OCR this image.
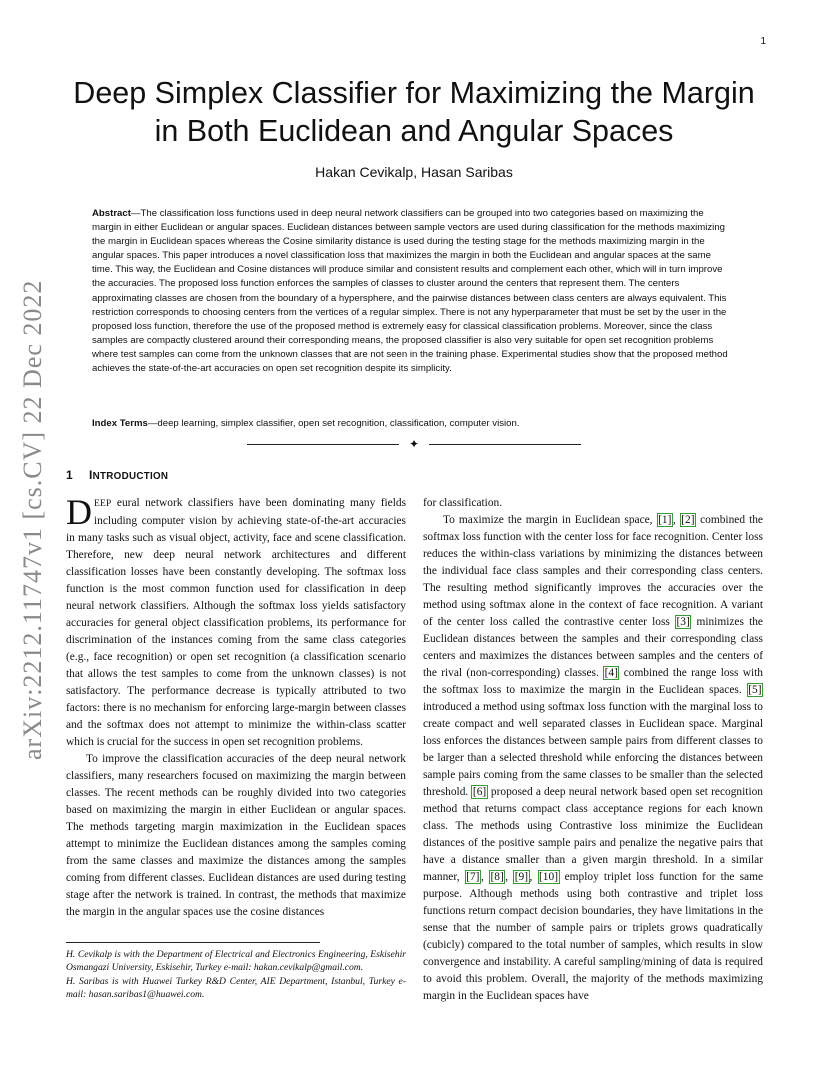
1
arXiv:2212.11747v1 [cs.CV] 22 Dec 2022
Deep Simplex Classifier for Maximizing the Margin in Both Euclidean and Angular Spaces
Hakan Cevikalp, Hasan Saribas
Abstract—The classification loss functions used in deep neural network classifiers can be grouped into two categories based on maximizing the margin in either Euclidean or angular spaces. Euclidean distances between sample vectors are used during classification for the methods maximizing the margin in Euclidean spaces whereas the Cosine similarity distance is used during the testing stage for the methods maximizing margin in the angular spaces. This paper introduces a novel classification loss that maximizes the margin in both the Euclidean and angular spaces at the same time. This way, the Euclidean and Cosine distances will produce similar and consistent results and complement each other, which will in turn improve the accuracies. The proposed loss function enforces the samples of classes to cluster around the centers that represent them. The centers approximating classes are chosen from the boundary of a hypersphere, and the pairwise distances between class centers are always equivalent. This restriction corresponds to choosing centers from the vertices of a regular simplex. There is not any hyperparameter that must be set by the user in the proposed loss function, therefore the use of the proposed method is extremely easy for classical classification problems. Moreover, since the class samples are compactly clustered around their corresponding means, the proposed classifier is also very suitable for open set recognition problems where test samples can come from the unknown classes that are not seen in the training phase. Experimental studies show that the proposed method achieves the state-of-the-art accuracies on open set recognition despite its simplicity.
Index Terms—deep learning, simplex classifier, open set recognition, classification, computer vision.
✦
1 INTRODUCTION

DEEP eural network classifiers have been dominating many fields including computer vision by achieving state-of-the-art accuracies in many tasks such as visual object, activity, face and scene classification. Therefore, new deep neural network architectures and different classification losses have been constantly developing. The softmax loss function is the most common function used for classification in deep neural network classifiers. Although the softmax loss yields satisfactory accuracies for general object classification problems, its performance for discrimination of the instances coming from the same class categories (e.g., face recognition) or open set recognition (a classification scenario that allows the test samples to come from the unknown classes) is not satisfactory. The performance decrease is typically attributed to two factors: there is no mechanism for enforcing large-margin between classes and the softmax does not attempt to minimize the within-class scatter which is crucial for the success in open set recognition problems.

To improve the classification accuracies of the deep neural network classifiers, many researchers focused on maximizing the margin between classes. The recent methods can be roughly divided into two categories based on maximizing the margin in either Euclidean or angular spaces. The methods targeting margin maximization in the Euclidean spaces attempt to minimize the Euclidean distances among the samples coming from the same classes and maximize the distances among the samples coming from different classes. Euclidean distances are used during testing stage after the network is trained. In contrast, the methods that maximize the margin in the angular spaces use the cosine distances

for classification.

To maximize the margin in Euclidean space, [1] , [2] combined the softmax loss function with the center loss for face recognition. Center loss reduces the within-class variations by minimizing the distances between the individual face class samples and their corresponding class centers. The resulting method significantly improves the accuracies over the method using softmax alone in the context of face recognition. A variant of the center loss called the contrastive center loss [3] minimizes the Euclidean distances between the samples and their corresponding class centers and maximizes the distances between samples and the centers of the rival (non-corresponding) classes. [4] combined the range loss with the softmax loss to maximize the margin in the Euclidean spaces. [5] introduced a method using softmax loss function with the marginal loss to create compact and well separated classes in Euclidean space. Marginal loss enforces the distances between sample pairs from different classes to be larger than a selected threshold while enforcing the distances between sample pairs coming from the same classes to be smaller than the selected threshold. [6] proposed a deep neural network based open set recognition method that returns compact class acceptance regions for each known class. The methods using Contrastive loss minimize the Euclidean distances of the positive sample pairs and penalize the negative pairs that have a distance smaller than a given margin threshold. In a similar manner, [7] , [8] , [9] , [10] employ triplet loss function for the same purpose. Although methods using both contrastive and triplet loss functions return compact decision boundaries, they have limitations in the sense that the number of sample pairs or triplets grows quadratically (cubicly) compared to the total number of samples, which results in slow convergence and instability. A careful sampling/mining of data is required to avoid this problem. Overall, the majority of the methods maximizing margin in the Euclidean spaces have

H. Cevikalp is with the Department of Electrical and Electronics Engineering, Eskisehir Osmangazi University, Eskisehir, Turkey e-mail: hakan.cevikalp@gmail.com.

H. Saribas is with Huawei Turkey R&D Center, AIE Department, Istanbul, Turkey e-mail: hasan.saribas1@huawei.com.
